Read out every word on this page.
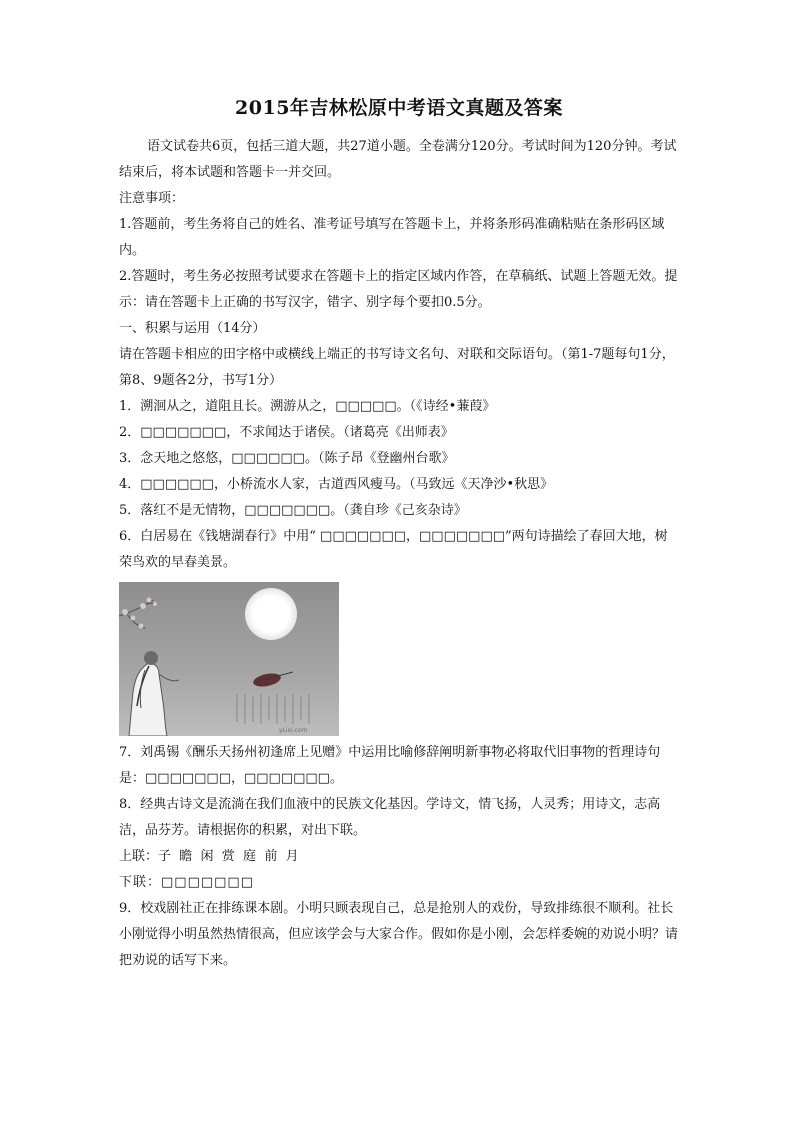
2015年吉林松原中考语文真题及答案

语文试卷共6页，包括三道大题，共27道小题。全卷满分120分。考试时间为120分钟。考试结束后，将本试题和答题卡一并交回。

注意事项：

1.答题前，考生务将自己的姓名、准考证号填写在答题卡上，并将条形码准确粘贴在条形码区域内。

2.答题时，考生务必按照考试要求在答题卡上的指定区域内作答，在草稿纸、试题上答题无效。提示：请在答题卡上正确的书写汉字，错字、别字每个要扣0.5分。

一、积累与运用（14分）

请在答题卡相应的田字格中或横线上端正的书写诗文名句、对联和交际语句。（第1-7题每句1分，第8、9题各2分，书写1分）

1．溯洄从之，道阻且长。溯游从之，□□□□□。（《诗经•蒹葭》

2．□□□□□□□，不求闻达于诸侯。（诸葛亮《出师表》

3．念天地之悠悠，□□□□□□。（陈子昂《登幽州台歌》

4．□□□□□□，小桥流水人家，古道西风瘦马。（马致远《天净沙•秋思》

5．落红不是无情物，□□□□□□□。（龚自珍《己亥杂诗》

6．白居易在《钱塘湖春行》中用“ □□□□□□□，□□□□□□□”两句诗描绘了春回大地，树荣鸟欢的早春美景。

yLixi.com

7．刘禹锡《酬乐天扬州初逢席上见赠》中运用比喻修辞阐明新事物必将取代旧事物的哲理诗句是：□□□□□□□，□□□□□□□。

8．经典古诗文是流淌在我们血液中的民族文化基因。学诗文，情飞扬，人灵秀；用诗文，志高洁，品芬芳。请根据你的积累，对出下联。

上联：子  瞻  闲  赏  庭  前  月

下联：□□□□□□□

9．校戏剧社正在排练课本剧。小明只顾表现自己，总是抢别人的戏份，导致排练很不顺利。社长小刚觉得小明虽然热情很高，但应该学会与大家合作。假如你是小刚，会怎样委婉的劝说小明？请把劝说的话写下来。
